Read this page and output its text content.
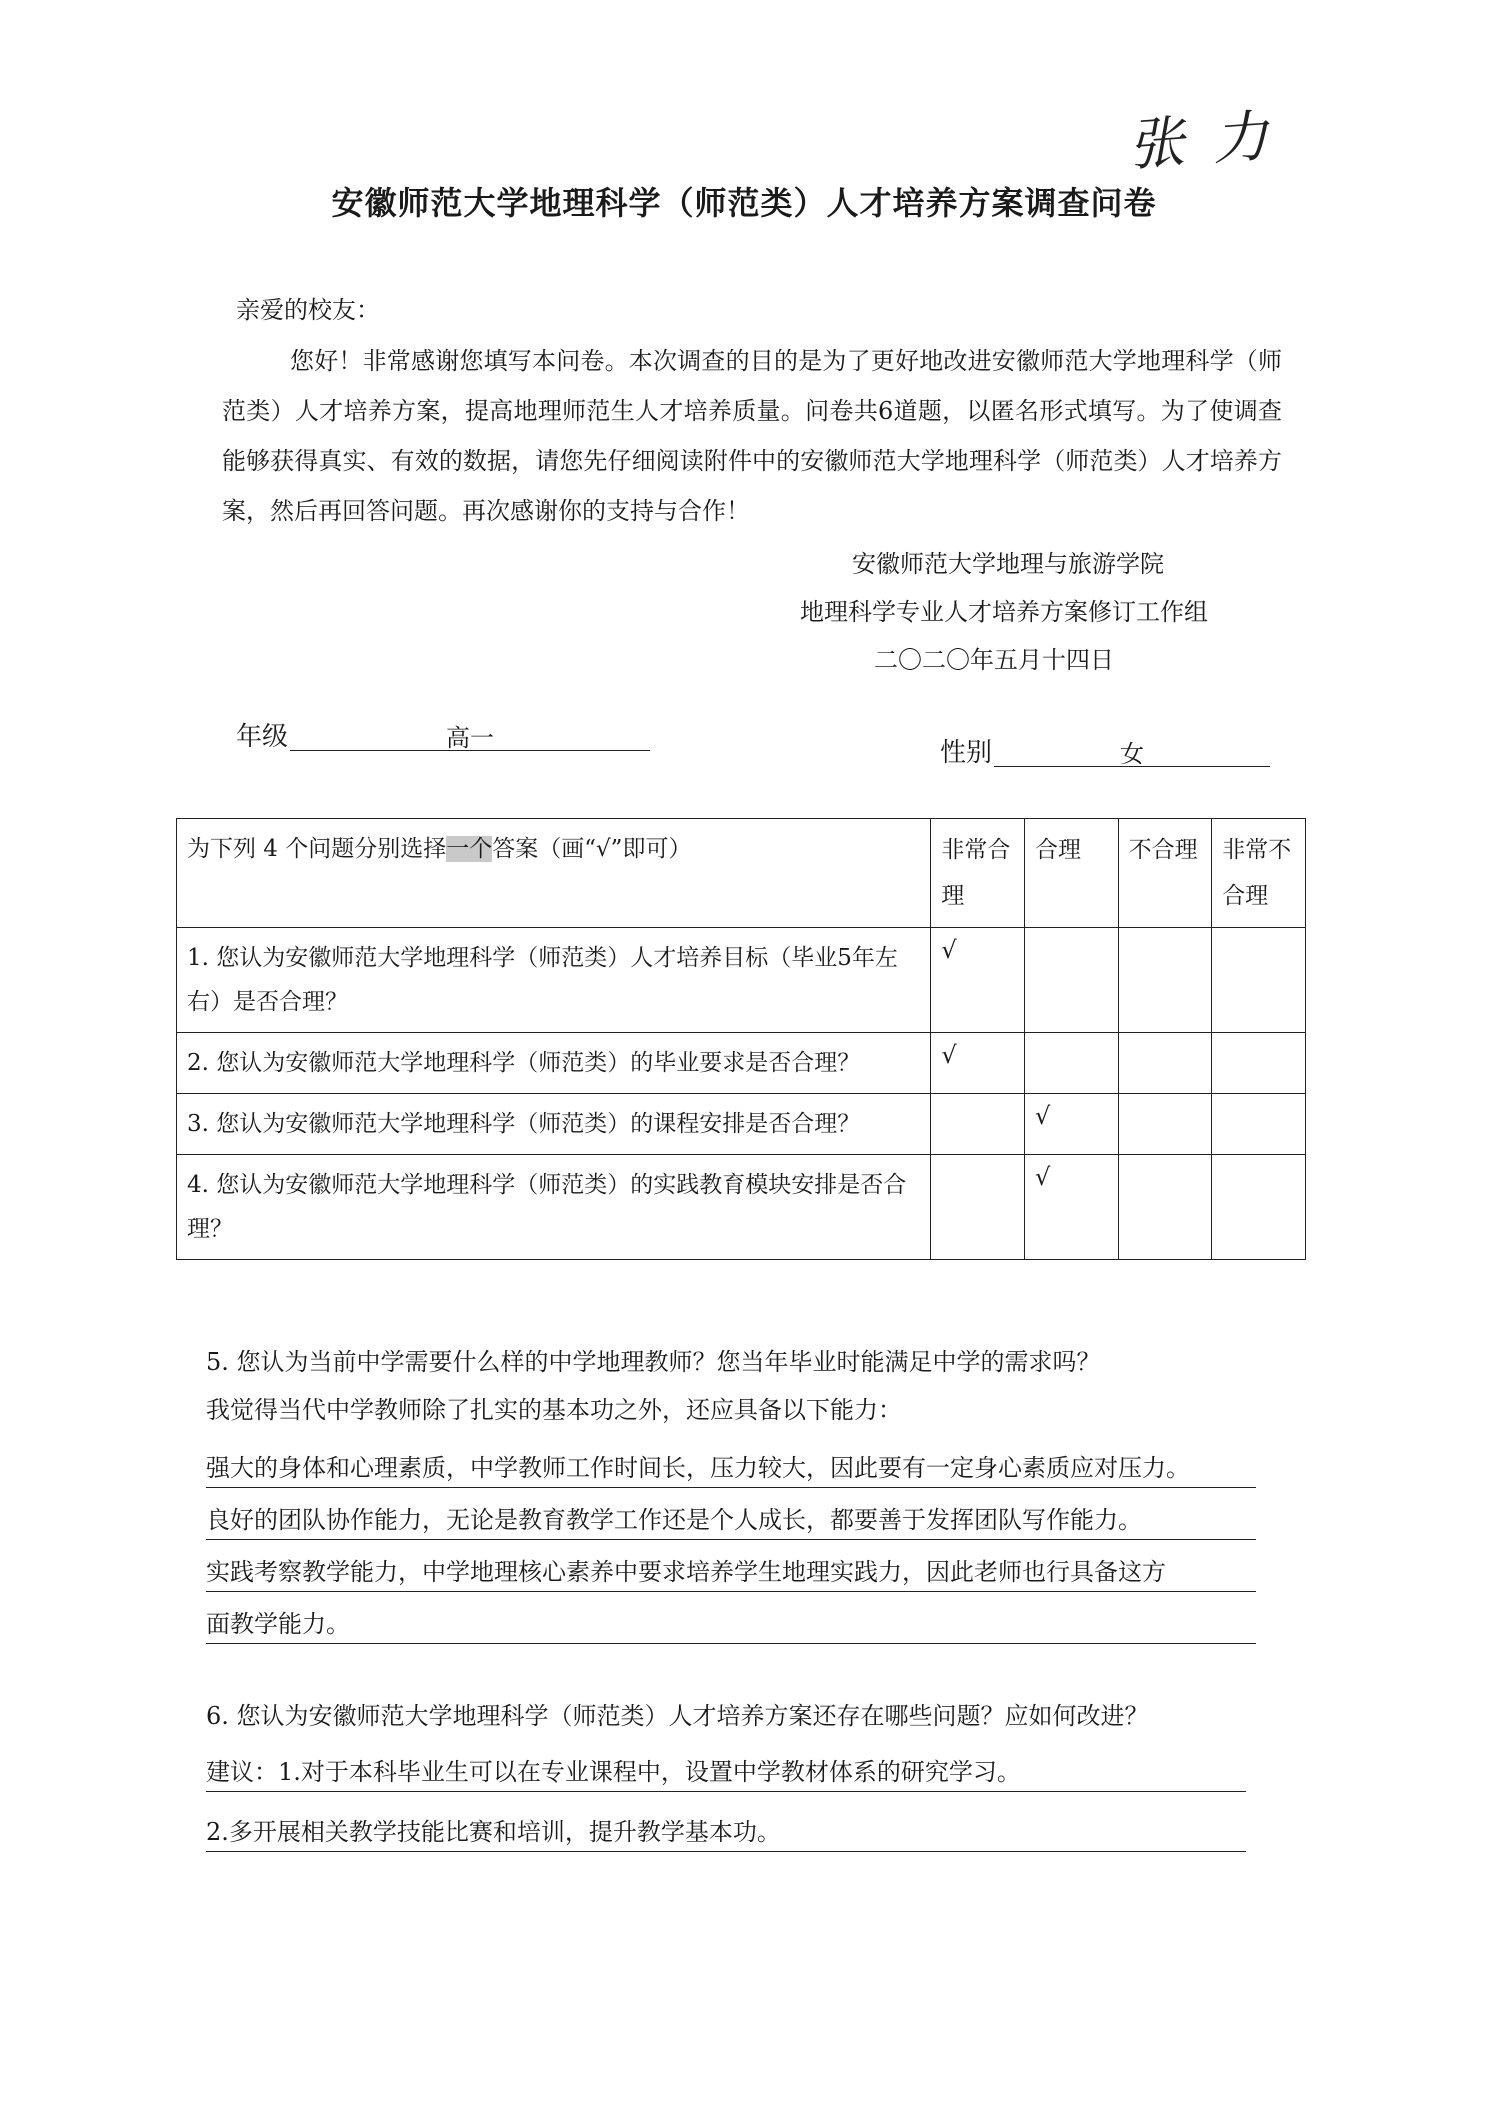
张力
安徽师范大学地理科学（师范类）人才培养方案调查问卷
亲爱的校友：
您好！非常感谢您填写本问卷。本次调查的目的是为了更好地改进安徽师范大学地理科学（师范类）人才培养方案，提高地理师范生人才培养质量。问卷共6道题，以匿名形式填写。为了使调查能够获得真实、有效的数据，请您先仔细阅读附件中的安徽师范大学地理科学（师范类）人才培养方案，然后再回答问题。再次感谢你的支持与合作！
安徽师范大学地理与旅游学院
地理科学专业人才培养方案修订工作组
二〇二〇年五月十四日
年级	高一	性别	女
为下列 4 个问题分别选择一个答案（画“√”即可）	非常合理	合理	不合理	非常不合理
1. 您认为安徽师范大学地理科学（师范类）人才培养目标（毕业5年左右）是否合理？	√			
2. 您认为安徽师范大学地理科学（师范类）的毕业要求是否合理？	√			
3. 您认为安徽师范大学地理科学（师范类）的课程安排是否合理？		√		
4. 您认为安徽师范大学地理科学（师范类）的实践教育模块安排是否合理？		√		
5. 您认为当前中学需要什么样的中学地理教师？您当年毕业时能满足中学的需求吗？
我觉得当代中学教师除了扎实的基本功之外，还应具备以下能力：
强大的身体和心理素质，中学教师工作时间长，压力较大，因此要有一定身心素质应对压力。
良好的团队协作能力，无论是教育教学工作还是个人成长，都要善于发挥团队写作能力。
实践考察教学能力，中学地理核心素养中要求培养学生地理实践力，因此老师也行具备这方
面教学能力。
6. 您认为安徽师范大学地理科学（师范类）人才培养方案还存在哪些问题？应如何改进？
建议：1.对于本科毕业生可以在专业课程中，设置中学教材体系的研究学习。
2.多开展相关教学技能比赛和培训，提升教学基本功。
